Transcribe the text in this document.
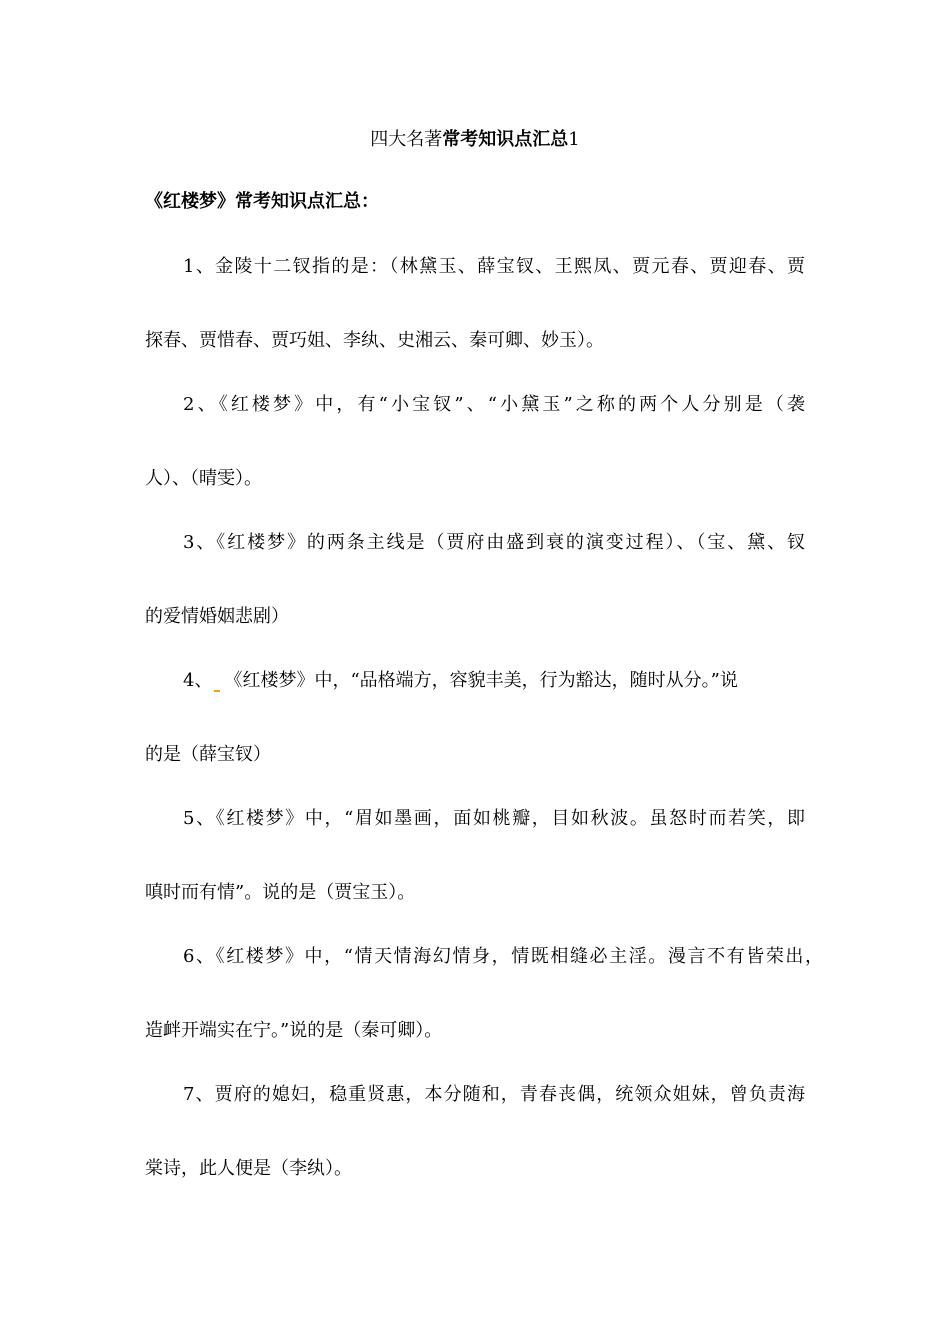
四大名著常考知识点汇总1
《红楼梦》常考知识点汇总：
1、金陵十二钗指的是：（林黛玉、薛宝钗、王熙凤、贾元春、贾迎春、贾
探春、贾惜春、贾巧姐、李纨、史湘云、秦可卿、妙玉）。
2、《红楼梦》中，有“小宝钗”、“小黛玉”之称的两个人分别是（袭
人）、（晴雯）。
3、《红楼梦》的两条主线是（贾府由盛到衰的演变过程）、（宝、黛、钗
的爱情婚姻悲剧）
4、 《红楼梦》中，“品格端方，容貌丰美，行为豁达，随时从分。”说
的是（薛宝钗）
5、《红楼梦》中，“眉如墨画，面如桃瓣，目如秋波。虽怒时而若笑，即
嗔时而有情”。说的是（贾宝玉）。
6、《红楼梦》中，“情天情海幻情身，情既相缝必主淫。漫言不有皆荣出，
造衅开端实在宁。”说的是（秦可卿）。
7、贾府的媳妇，稳重贤惠，本分随和，青春丧偶，统领众姐妹，曾负责海
棠诗，此人便是（李纨）。
